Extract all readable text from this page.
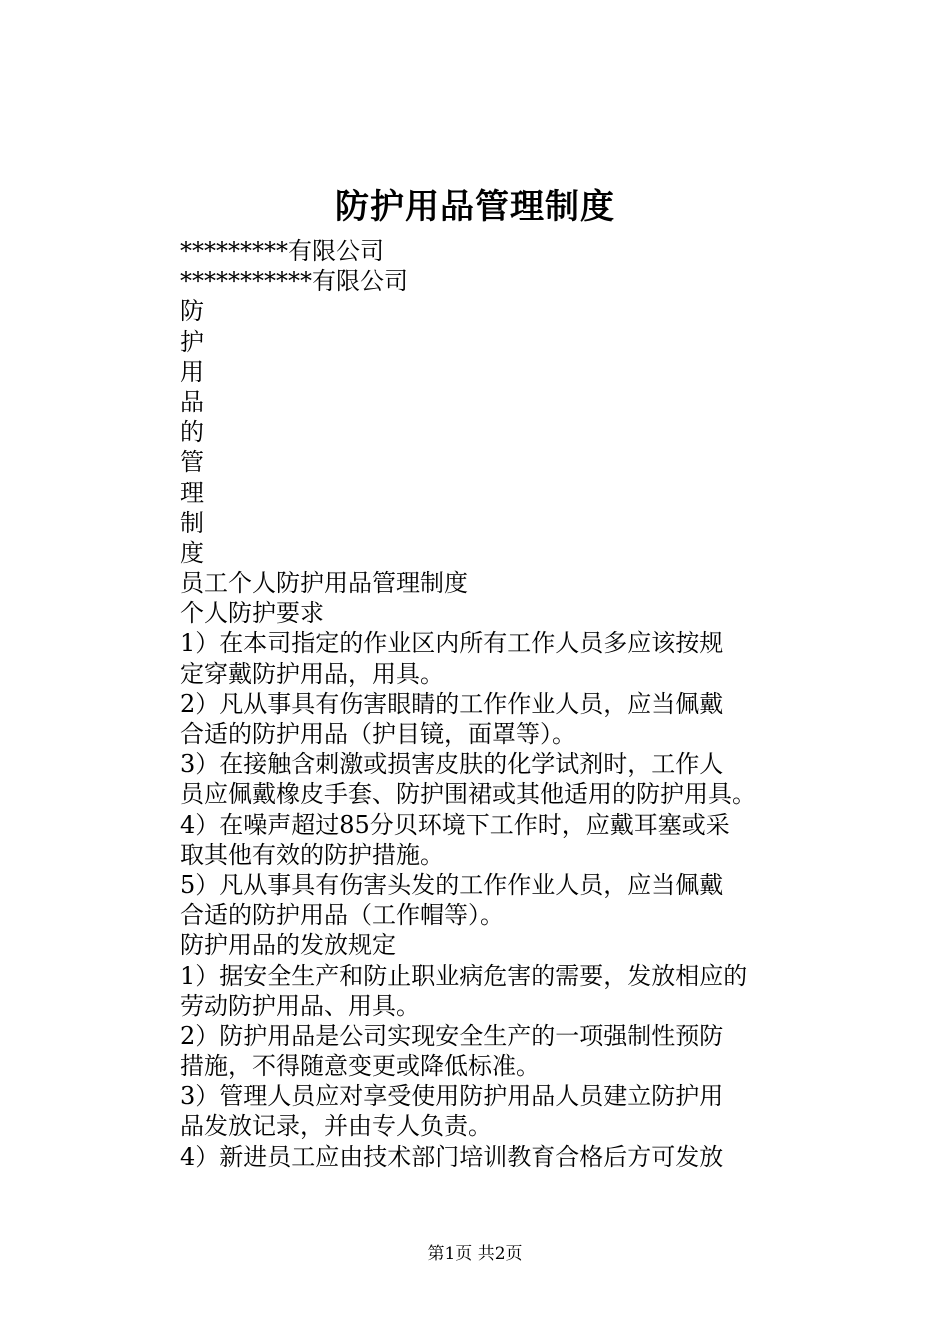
防护用品管理制度
*********有限公司
***********有限公司
防
护
用
品
的
管
理
制
度
员工个人防护用品管理制度
个人防护要求
1）在本司指定的作业区内所有工作人员多应该按规
定穿戴防护用品，用具。
2）凡从事具有伤害眼睛的工作作业人员，应当佩戴
合适的防护用品（护目镜，面罩等）。
3）在接触含刺激或损害皮肤的化学试剂时，工作人
员应佩戴橡皮手套、防护围裙或其他适用的防护用具。
4）在噪声超过85分贝环境下工作时，应戴耳塞或采
取其他有效的防护措施。
5）凡从事具有伤害头发的工作作业人员，应当佩戴
合适的防护用品（工作帽等）。
防护用品的发放规定
1）据安全生产和防止职业病危害的需要，发放相应的
劳动防护用品、用具。
2）防护用品是公司实现安全生产的一项强制性预防
措施，不得随意变更或降低标准。
3）管理人员应对享受使用防护用品人员建立防护用
品发放记录，并由专人负责。
4）新进员工应由技术部门培训教育合格后方可发放
第1页 共2页
